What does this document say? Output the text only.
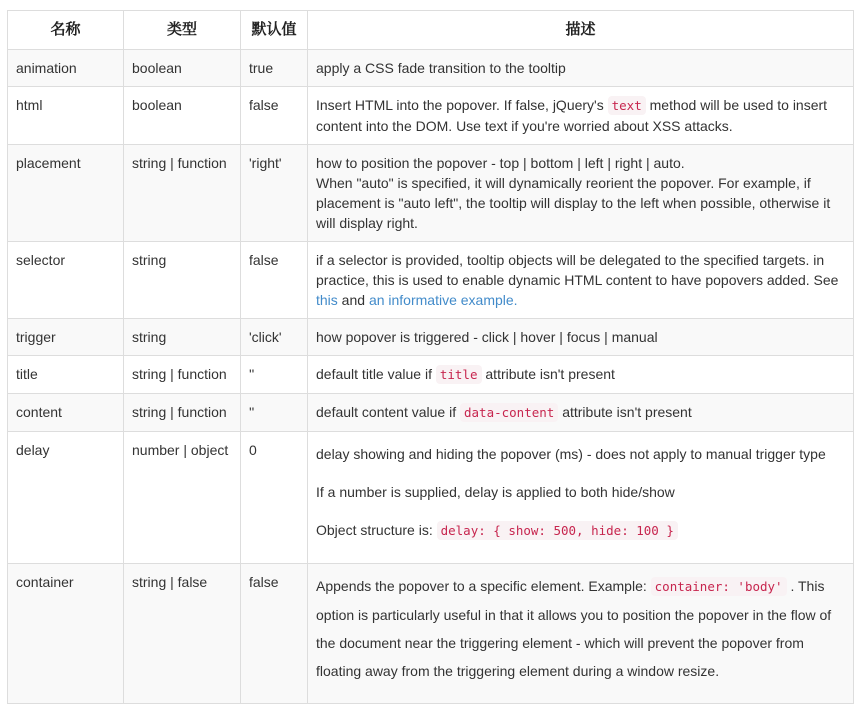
名称	类型	默认值	描述
animation	boolean	true	apply a CSS fade transition to the tooltip
html	boolean	false	Insert HTML into the popover. If false, jQuery's text method will be used to insert content into the DOM. Use text if you're worried about XSS attacks.
placement	string | function	'right'	how to position the popover - top | bottom | left | right | auto.
When "auto" is specified, it will dynamically reorient the popover. For example, if placement is "auto left", the tooltip will display to the left when possible, otherwise it will display right.
selector	string	false	if a selector is provided, tooltip objects will be delegated to the specified targets. in practice, this is used to enable dynamic HTML content to have popovers added. See this and an informative example.
trigger	string	'click'	how popover is triggered - click | hover | focus | manual
title	string | function	''	default title value if title attribute isn't present
content	string | function	''	default content value if data-content attribute isn't present
delay	number | object	0	delay showing and hiding the popover (ms) - does not apply to manual trigger type

If a number is supplied, delay is applied to both hide/show

Object structure is: delay: { show: 500, hide: 100 }

container	string | false	false	Appends the popover to a specific element. Example: container: 'body' . This option is particularly useful in that it allows you to position the popover in the flow of the document near the triggering element - which will prevent the popover from floating away from the triggering element during a window resize.
